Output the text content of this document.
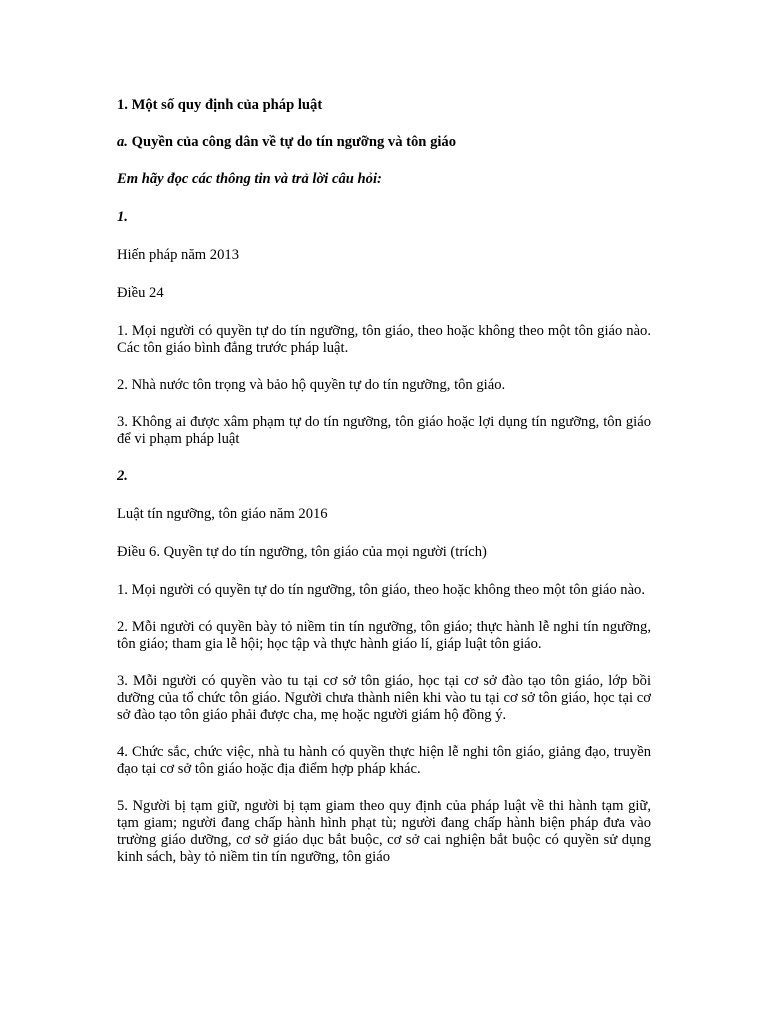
1. Một số quy định của pháp luật

a. Quyền của công dân về tự do tín ngưỡng và tôn giáo

Em hãy đọc các thông tin và trả lời câu hỏi:

1.

Hiến pháp năm 2013

Điều 24

1. Mọi người có quyền tự do tín ngưỡng, tôn giáo, theo hoặc không theo một tôn giáo nào. Các tôn giáo bình đẳng trước pháp luật.

2. Nhà nước tôn trọng và bảo hộ quyền tự do tín ngưỡng, tôn giáo.

3. Không ai được xâm phạm tự do tín ngưỡng, tôn giáo hoặc lợi dụng tín ngưỡng, tôn giáo để vi phạm pháp luật

2.

Luật tín ngưỡng, tôn giáo năm 2016

Điều 6. Quyền tự do tín ngưỡng, tôn giáo của mọi người (trích)

1. Mọi người có quyền tự do tín ngưỡng, tôn giáo, theo hoặc không theo một tôn giáo nào.

2. Mỗi người có quyền bày tỏ niềm tin tín ngưỡng, tôn giáo; thực hành lễ nghi tín ngưỡng, tôn giáo; tham gia lễ hội; học tập và thực hành giáo lí, giáp luật tôn giáo.

3. Mỗi người có quyền vào tu tại cơ sở tôn giáo, học tại cơ sở đào tạo tôn giáo, lớp bồi dưỡng của tổ chức tôn giáo. Người chưa thành niên khi vào tu tại cơ sở tôn giáo, học tại cơ sở đào tạo tôn giáo phải được cha, mẹ hoặc người giám hộ đồng ý.

4. Chức sắc, chức việc, nhà tu hành có quyền thực hiện lễ nghi tôn giáo, giảng đạo, truyền đạo tại cơ sở tôn giáo hoặc địa điểm hợp pháp khác.

5. Người bị tạm giữ, người bị tạm giam theo quy định của pháp luật về thi hành tạm giữ, tạm giam; người đang chấp hành hình phạt tù; người đang chấp hành biện pháp đưa vào trường giáo dưỡng, cơ sở giáo dục bắt buộc, cơ sở cai nghiện bắt buộc có quyền sử dụng kinh sách, bày tỏ niềm tin tín ngưỡng, tôn giáo
